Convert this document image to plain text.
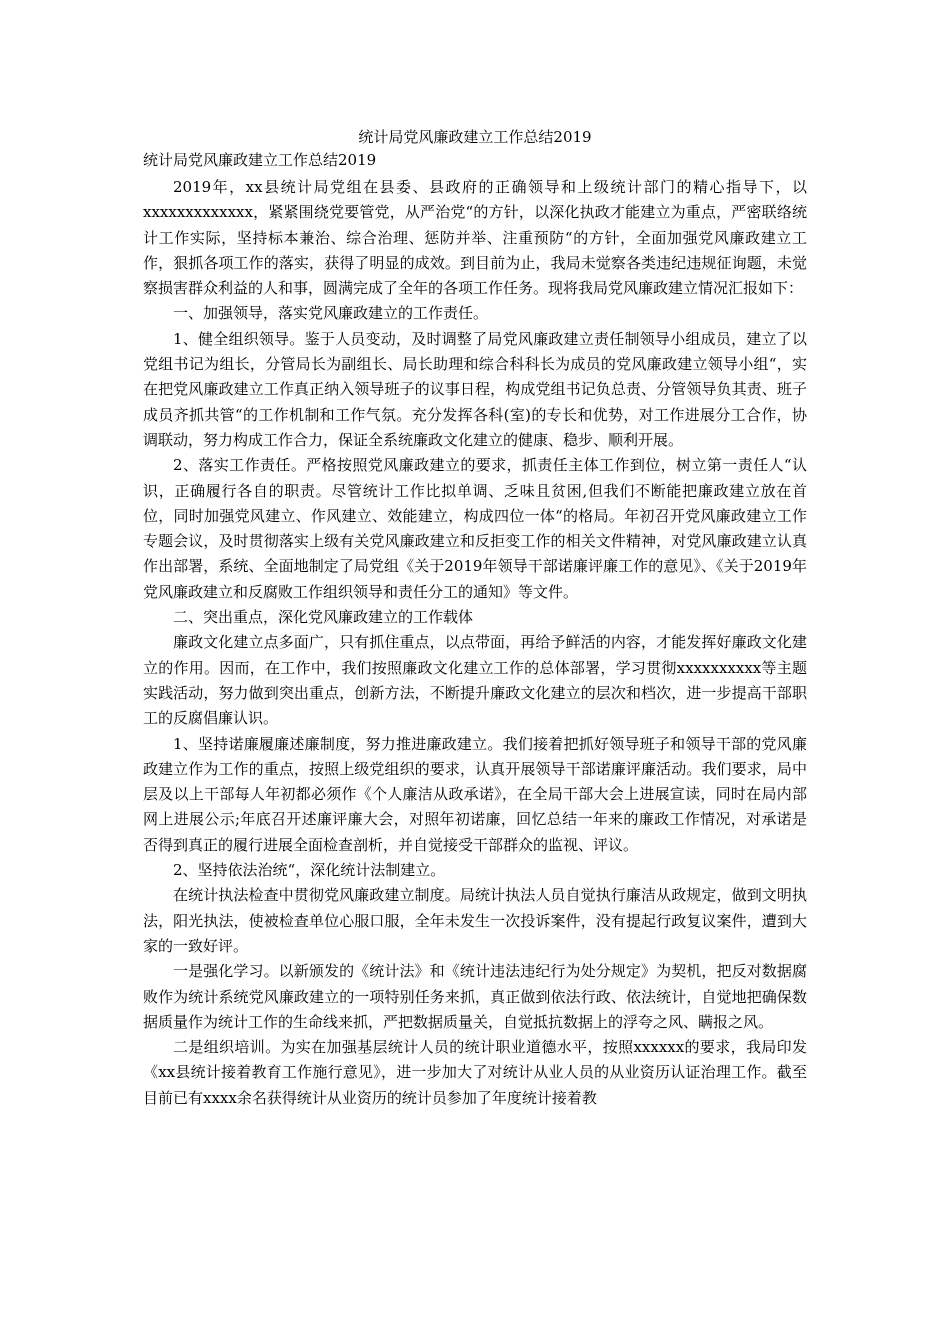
统计局党风廉政建立工作总结2019
统计局党风廉政建立工作总结2019

2019年，xx县统计局党组在县委、县政府的正确领导和上级统计部门的精心指导下，以xxxxxxxxxxxxx，紧紧围绕党要管党，从严治党“的方针，以深化执政才能建立为重点，严密联络统计工作实际，坚持标本兼治、综合治理、惩防并举、注重预防“的方针，全面加强党风廉政建立工作，狠抓各项工作的落实，获得了明显的成效。到目前为止，我局未觉察各类违纪违规征询题，未觉察损害群众利益的人和事，圆满完成了全年的各项工作任务。现将我局党风廉政建立情况汇报如下：

一、加强领导，落实党风廉政建立的工作责任。

1、健全组织领导。鉴于人员变动，及时调整了局党风廉政建立责任制领导小组成员，建立了以党组书记为组长，分管局长为副组长、局长助理和综合科科长为成员的党风廉政建立领导小组“，实在把党风廉政建立工作真正纳入领导班子的议事日程，构成党组书记负总责、分管领导负其责、班子成员齐抓共管“的工作机制和工作气氛。充分发挥各科(室)的专长和优势，对工作进展分工合作，协调联动，努力构成工作合力，保证全系统廉政文化建立的健康、稳步、顺利开展。

2、落实工作责任。严格按照党风廉政建立的要求，抓责任主体工作到位，树立第一责任人“认识，正确履行各自的职责。尽管统计工作比拟单调、乏味且贫困,但我们不断能把廉政建立放在首位，同时加强党风建立、作风建立、效能建立，构成四位一体“的格局。年初召开党风廉政建立工作专题会议，及时贯彻落实上级有关党风廉政建立和反拒变工作的相关文件精神，对党风廉政建立认真作出部署，系统、全面地制定了局党组《关于2019年领导干部诺廉评廉工作的意见》、《关于2019年党风廉政建立和反腐败工作组织领导和责任分工的通知》等文件。

二、突出重点，深化党风廉政建立的工作载体

廉政文化建立点多面广，只有抓住重点，以点带面，再给予鲜活的内容，才能发挥好廉政文化建立的作用。因而，在工作中，我们按照廉政文化建立工作的总体部署，学习贯彻xxxxxxxxxx等主题实践活动，努力做到突出重点，创新方法，不断提升廉政文化建立的层次和档次，进一步提高干部职工的反腐倡廉认识。

1、坚持诺廉履廉述廉制度，努力推进廉政建立。我们接着把抓好领导班子和领导干部的党风廉政建立作为工作的重点，按照上级党组织的要求，认真开展领导干部诺廉评廉活动。我们要求，局中层及以上干部每人年初都必须作《个人廉洁从政承诺》，在全局干部大会上进展宣读，同时在局内部网上进展公示;年底召开述廉评廉大会，对照年初诺廉，回忆总结一年来的廉政工作情况，对承诺是否得到真正的履行进展全面检查剖析，并自觉接受干部群众的监视、评议。

2、坚持依法治统“，深化统计法制建立。

在统计执法检查中贯彻党风廉政建立制度。局统计执法人员自觉执行廉洁从政规定，做到文明执法，阳光执法，使被检查单位心服口服，全年未发生一次投诉案件，没有提起行政复议案件，遭到大家的一致好评。

一是强化学习。以新颁发的《统计法》和《统计违法违纪行为处分规定》为契机，把反对数据腐败作为统计系统党风廉政建立的一项特别任务来抓，真正做到依法行政、依法统计，自觉地把确保数据质量作为统计工作的生命线来抓，严把数据质量关，自觉抵抗数据上的浮夸之风、瞒报之风。

二是组织培训。为实在加强基层统计人员的统计职业道德水平，按照xxxxxx的要求，我局印发《xx县统计接着教育工作施行意见》，进一步加大了对统计从业人员的从业资历认证治理工作。截至目前已有xxxx余名获得统计从业资历的统计员参加了年度统计接着教
